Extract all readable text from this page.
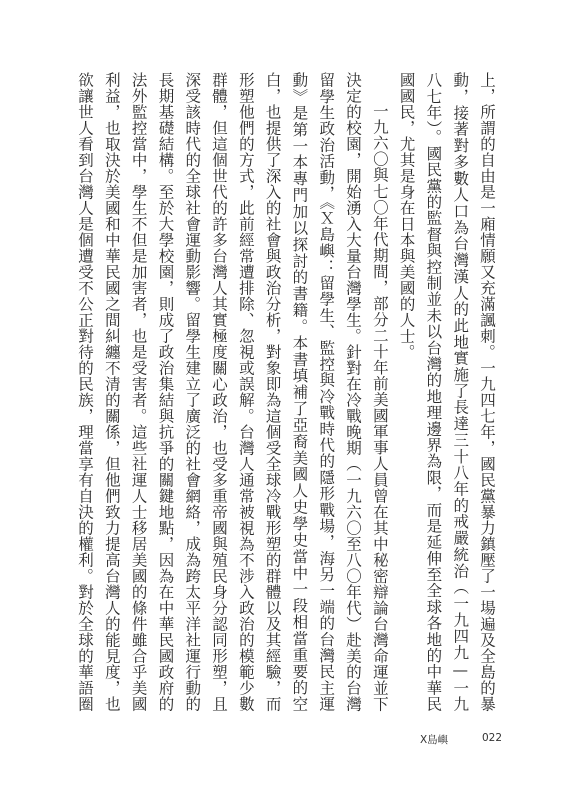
上，所謂的自由是一廂情願又充滿諷刺。一九四七年，國民黨暴力鎮壓了一場遍及全島的暴動，接著對多數人口為台灣漢人的此地實施了長達三十八年的戒嚴統治（一九四九—一九八七年）。國民黨的監督與控制並未以台灣的地理邊界為限，而是延伸至全球各地的中華民國國民，尤其是身在日本與美國的人士。

一九六〇與七〇年代期間，部分二十年前美國軍事人員曾在其中秘密辯論台灣命運並下決定的校園，開始湧入大量台灣學生。針對在冷戰晚期（一九六〇至八〇年代）赴美的台灣留學生政治活動，《Ｘ島嶼：留學生、監控與冷戰時代的隱形戰場，海另一端的台灣民主運動》是第一本專門加以探討的書籍。本書填補了亞裔美國人史學史當中一段相當重要的空白，也提供了深入的社會與政治分析，對象即為這個受全球冷戰形塑的群體以及其經驗，而形塑他們的方式，此前經常遭排除、忽視或誤解。台灣人通常被視為不涉入政治的模範少數群體，但這個世代的許多台灣人其實極度關心政治，也受多重帝國與殖民身分認同形塑，且深受該時代的全球社會運動影響。留學生建立了廣泛的社會網絡，成為跨太平洋社運行動的長期基礎結構。至於大學校園，則成了政治集結與抗爭的關鍵地點，因為在中華民國政府的法外監控當中，學生不但是加害者，也是受害者。這些社運人士移居美國的條件雖合乎美國利益，也取決於美國和中華民國之間糾纏不清的關係，但他們致力提高台灣人的能見度，也欲讓世人看到台灣人是個遭受不公正對待的民族，理當享有自決的權利。對於全球的華語圈

X島嶼	022
